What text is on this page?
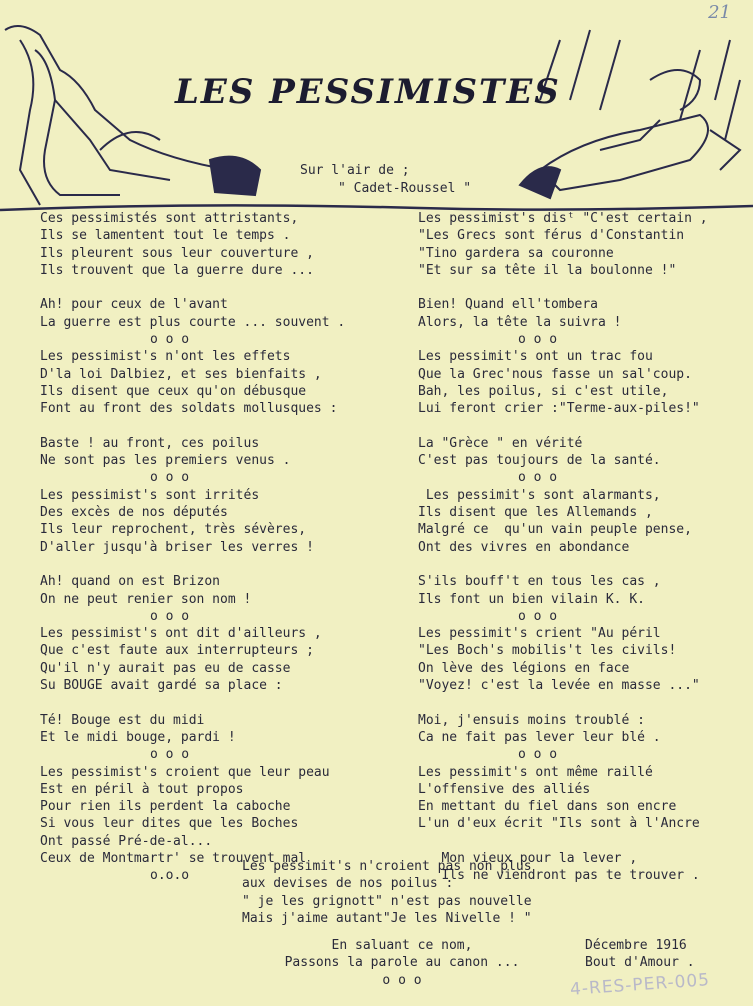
21
LES PESSIMISTES
Sur l'air de ;
" Cadet-Roussel "
Ces pessimistés sont attristants,
Ils se lamentent tout le temps .
Ils pleurent sous leur couverture ,
Ils trouvent que la guerre dure ...
Ah! pour ceux de l'avant
La guerre est plus courte ... souvent .
o o o
Les pessimist's n'ont les effets
D'la loi Dalbiez, et ses bienfaits ,
Ils disent que ceux qu'on débusque
Font au front des soldats mollusques :
Baste ! au front, ces poilus
Ne sont pas les premiers venus .
o o o
Les pessimist's sont irrités
Des excès de nos députés
Ils leur reprochent, très sévères,
D'aller jusqu'à briser les verres !
Ah! quand on est Brizon
On ne peut renier son nom !
o o o
Les pessimist's ont dit d'ailleurs ,
Que c'est faute aux interrupteurs ;
Qu'il n'y aurait pas eu de casse
Su BOUGE avait gardé sa place :
Té! Bouge est du midi
Et le midi bouge, pardi !
o o o
Les pessimist's croient que leur peau
Est en péril à tout propos
Pour rien ils perdent la caboche
Si vous leur dites que les Boches
Ont passé Pré-de-al...
Ceux de Montmartr' se trouvent mal
o.o.o
Les pessimist's disᵗ "C'est certain ,
"Les Grecs sont férus d'Constantin
"Tino gardera sa couronne
"Et sur sa tête il la boulonne !"
Bien! Quand ell'tombera
Alors, la tête la suivra !
o o o
Les pessimit's ont un trac fou
Que la Grec'nous fasse un sal'coup.
Bah, les poilus, si c'est utile,
Lui feront crier :"Terme-aux-piles!"
La "Grèce " en vérité
C'est pas toujours de la santé.
o o o
Les pessimit's sont alarmants,
Ils disent que les Allemands ,
Malgré ce  qu'un vain peuple pense,
Ont des vivres en abondance
S'ils bouff't en tous les cas ,
Ils font un bien vilain K. K.
o o o
Les pessimit's crient "Au péril
"Les Boch's mobilis't les civils!
On lève des légions en face
"Voyez! c'est la levée en masse ..."
Moi, j'ensuis moins troublé :
Ca ne fait pas lever leur blé .
o o o
Les pessimit's ont même raillé
L'offensive des alliés
En mettant du fiel dans son encre
L'un d'eux écrit "Ils sont à l'Ancre
Mon vieux pour la lever ,
Ils ne viendront pas te trouver .
Les pessimit's n'croient pas non plus
aux devises de nos poilus :
" je les grignott" n'est pas nouvelle
Mais j'aime autant"Je les Nivelle ! "
En saluant ce nom,
Passons la parole au canon ...
o o o
Décembre 1916
Bout d'Amour .
4-RES-PER-005
